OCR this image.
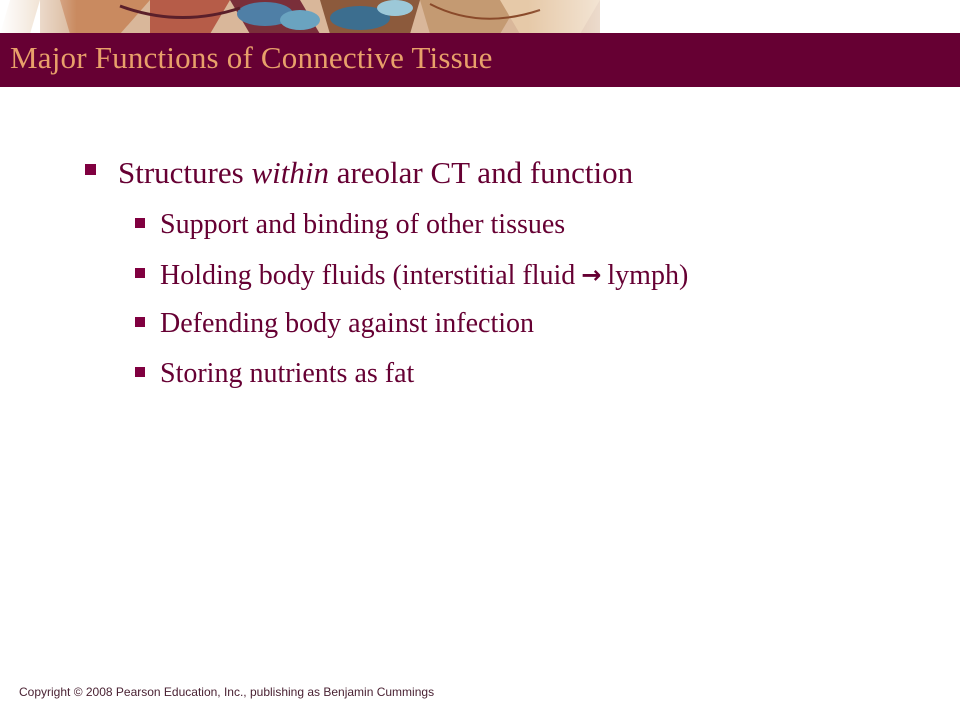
Major Functions of Connective Tissue
Structures within areolar CT and function
Support and binding of other tissues
Holding body fluids (interstitial fluid → lymph)
Defending body against infection
Storing nutrients as fat
Copyright © 2008 Pearson Education, Inc., publishing as Benjamin Cummings
